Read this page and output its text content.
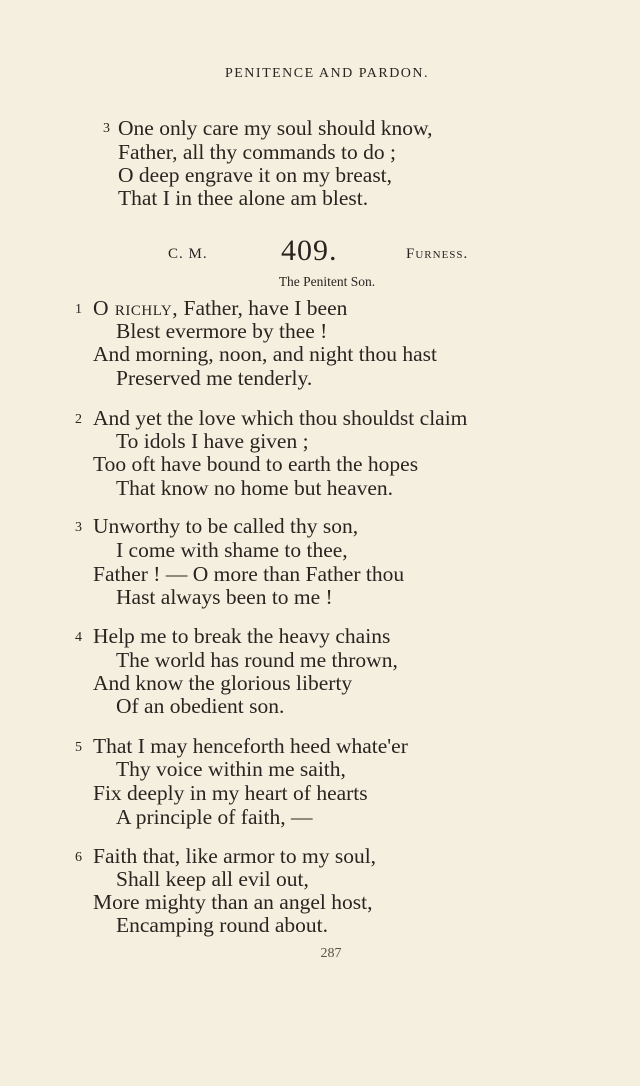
PENITENCE AND PARDON.
3 One only care my soul should know,
Father, all thy commands to do ;
O deep engrave it on my breast,
That I in thee alone am blest.
C. M. 409.	Furness.
The Penitent Son.
1 O richly, Father, have I been
Blest evermore by thee !
And morning, noon, and night thou hast
Preserved me tenderly.
2 And yet the love which thou shouldst claim
To idols I have given ;
Too oft have bound to earth the hopes
That know no home but heaven.
3 Unworthy to be called thy son,
I come with shame to thee,
Father ! — O more than Father thou
Hast always been to me !
4 Help me to break the heavy chains
The world has round me thrown,
And know the glorious liberty
Of an obedient son.
5 That I may henceforth heed whate'er
Thy voice within me saith,
Fix deeply in my heart of hearts
A principle of faith, —
6 Faith that, like armor to my soul,
Shall keep all evil out,
More mighty than an angel host,
Encamping round about.
287
